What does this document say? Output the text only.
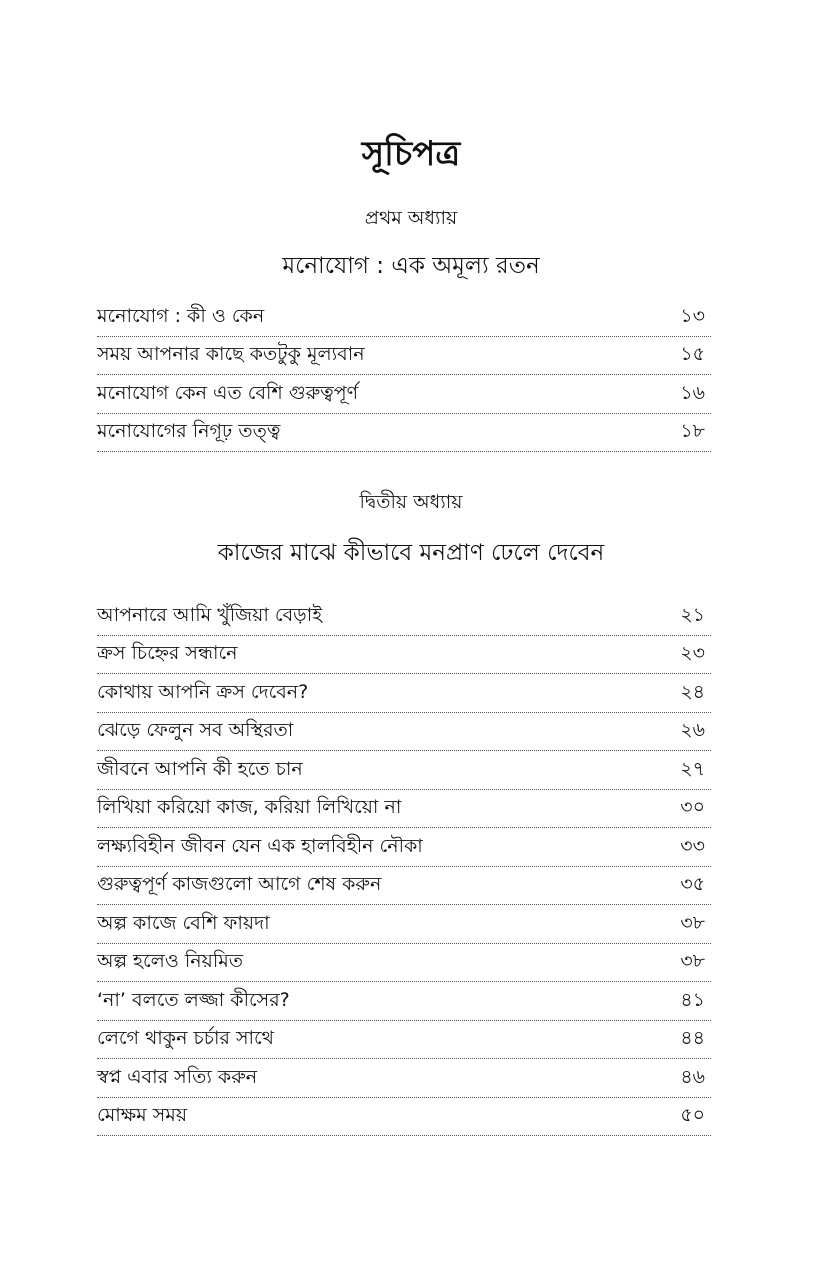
সূচিপত্র
প্রথম অধ্যায়
মনোযোগ : এক অমূল্য রতন
মনোযোগ : কী ও কেন	১৩
সময় আপনার কাছে কতটুকু মূল্যবান	১৫
মনোযোগ কেন এত বেশি গুরুত্বপূর্ণ	১৬
মনোযোগের নিগূঢ় তত্ত্ব	১৮
দ্বিতীয় অধ্যায়
কাজের মাঝে কীভাবে মনপ্রাণ ঢেলে দেবেন
আপনারে আমি খুঁজিয়া বেড়াই	২১
ক্রস চিহ্নের সন্ধানে	২৩
কোথায় আপনি ক্রস দেবেন?	২৪
ঝেড়ে ফেলুন সব অস্থিরতা	২৬
জীবনে আপনি কী হতে চান	২৭
লিখিয়া করিয়ো কাজ, করিয়া লিখিয়ো না	৩০
লক্ষ্যবিহীন জীবন যেন এক হালবিহীন নৌকা	৩৩
গুরুত্বপূর্ণ কাজগুলো আগে শেষ করুন	৩৫
অল্প কাজে বেশি ফায়দা	৩৮
অল্প হলেও নিয়মিত	৩৮
‘না’ বলতে লজ্জা কীসের?	৪১
লেগে থাকুন চর্চার সাথে	৪৪
স্বপ্ন এবার সত্যি করুন	৪৬
মোক্ষম সময়	৫০
